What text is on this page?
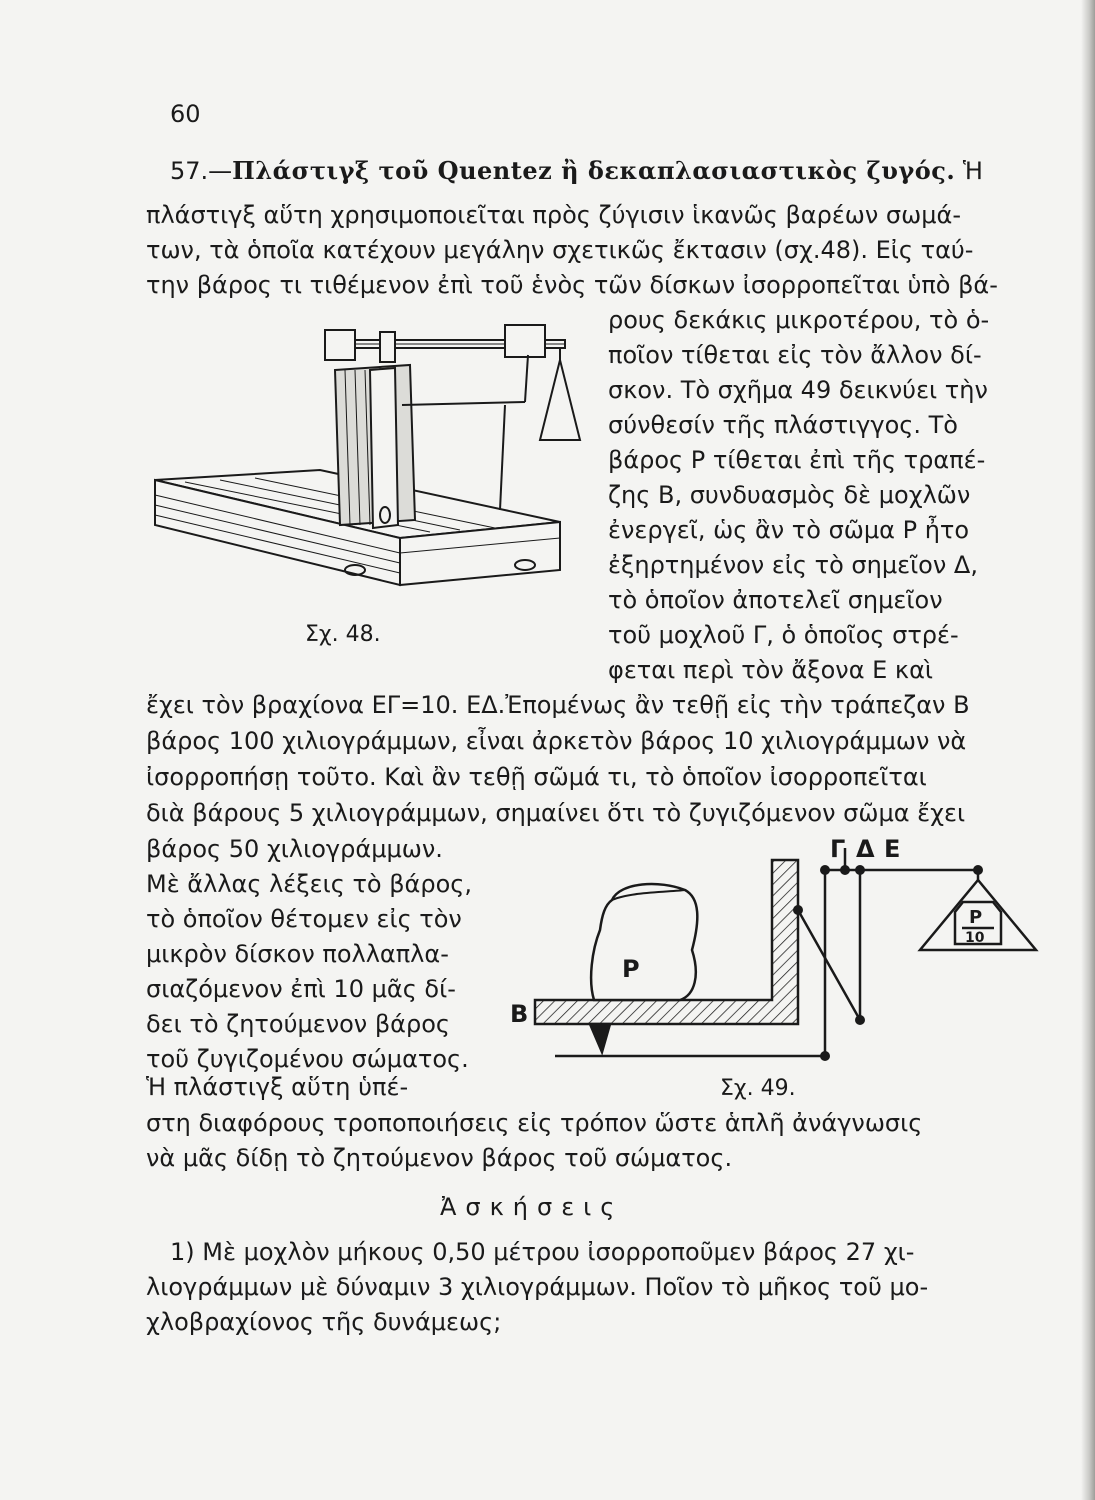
60
57.—Πλάστιγξ τοῦ Quentez ἢ δεκαπλασιαστικὸς ζυγός. Ἡ
πλάστιγξ αὕτη χρησιμοποιεῖται πρὸς ζύγισιν ἱκανῶς βαρέων σωμά-
των, τὰ ὁποῖα κατέχουν μεγάλην σχετικῶς ἔκτασιν (σχ.48). Εἰς ταύ-
την βάρος τι τιθέμενον ἐπὶ τοῦ ἑνὸς τῶν δίσκων ἰσορροπεῖται ὑπὸ βά-
ρους δεκάκις μικροτέρου, τὸ ὁ-
ποῖον τίθεται εἰς τὸν ἄλλον δί-
σκον. Τὸ σχῆμα 49 δεικνύει τὴν
σύνθεσίν τῆς πλάστιγγος. Τὸ
βάρος P τίθεται ἐπὶ τῆς τραπέ-
ζης B, συνδυασμὸς δὲ μοχλῶν
ἐνεργεῖ, ὡς ἂν τὸ σῶμα P ἦτο
ἐξηρτημένον εἰς τὸ σημεῖον Δ,
τὸ ὁποῖον ἀποτελεῖ σημεῖον
τοῦ μοχλοῦ Γ, ὁ ὁποῖος στρέ-
φεται περὶ τὸν ἄξονα E καὶ
Σχ. 48.
ἔχει τὸν βραχίονα ΕΓ=10. ΕΔ.Ἐπομένως ἂν τεθῇ εἰς τὴν τράπεζαν B
βάρος 100 χιλιογράμμων, εἶναι ἀρκετὸν βάρος 10 χιλιογράμμων νὰ
ἰσορροπήσῃ τοῦτο. Καὶ ἂν τεθῇ σῶμά τι, τὸ ὁποῖον ἰσορροπεῖται
διὰ βάρους 5 χιλιογράμμων, σημαίνει ὅτι τὸ ζυγιζόμενον σῶμα ἔχει
βάρος 50 χιλιογράμμων.
Μὲ ἄλλας λέξεις τὸ βάρος,
τὸ ὁποῖον θέτομεν εἰς τὸν
μικρὸν δίσκον πολλαπλα-
σιαζόμενον ἐπὶ 10 μᾶς δί-
δει τὸ ζητούμενον βάρος
τοῦ ζυγιζομένου σώματος.
Ἡ πλάστιγξ αὕτη ὑπέ-
Γ Δ Ε
B
P
P
10
Σχ. 49.
στη διαφόρους τροποποιήσεις εἰς τρόπον ὥστε ἁπλῆ ἀνάγνωσις
νὰ μᾶς δίδῃ τὸ ζητούμενον βάρος τοῦ σώματος.
Ἀσκήσεις
1) Μὲ μοχλὸν μήκους 0,50 μέτρου ἰσορροποῦμεν βάρος 27 χι-
λιογράμμων μὲ δύναμιν 3 χιλιογράμμων. Ποῖον τὸ μῆκος τοῦ μο-
χλοβραχίονος τῆς δυνάμεως;
